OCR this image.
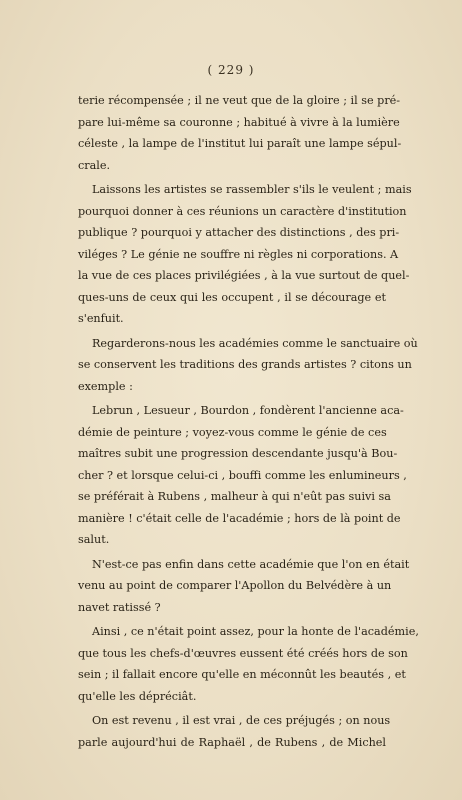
( 229 )
terie récompensée ; il ne veut que de la gloire ; il se pré-
pare lui-même sa couronne ; habitué à vivre à la lumière
céleste , la lampe de l'institut lui paraît une lampe sépul-
crale.
Laissons les artistes se rassembler s'ils le veulent ; mais
pourquoi donner à ces réunions un caractère d'institution
publique ? pourquoi y attacher des distinctions , des pri-
viléges ? Le génie ne souffre ni règles ni corporations. A
la vue de ces places privilégiées , à la vue surtout de quel-
ques-uns de ceux qui les occupent , il se décourage et
s'enfuit.
Regarderons-nous les académies comme le sanctuaire où
se conservent les traditions des grands artistes ? citons un
exemple :
Lebrun , Lesueur , Bourdon , fondèrent l'ancienne aca-
démie de peinture ; voyez-vous comme le génie de ces
maîtres subit une progression descendante jusqu'à Bou-
cher ? et lorsque celui-ci , bouffi comme les enlumineurs ,
se préférait à Rubens , malheur à qui n'eût pas suivi sa
manière ! c'était celle de l'académie ; hors de là point de
salut.
N'est-ce pas enfin dans cette académie que l'on en était
venu au point de comparer l'Apollon du Belvédère à un
navet ratissé ?
Ainsi , ce n'était point assez, pour la honte de l'académie,
que tous les chefs-d'œuvres eussent été créés hors de son
sein ; il fallait encore qu'elle en méconnût les beautés , et
qu'elle les dépréciât.
On est revenu , il est vrai , de ces préjugés ; on nous
parle aujourd'hui de Raphaël , de Rubens , de Michel
